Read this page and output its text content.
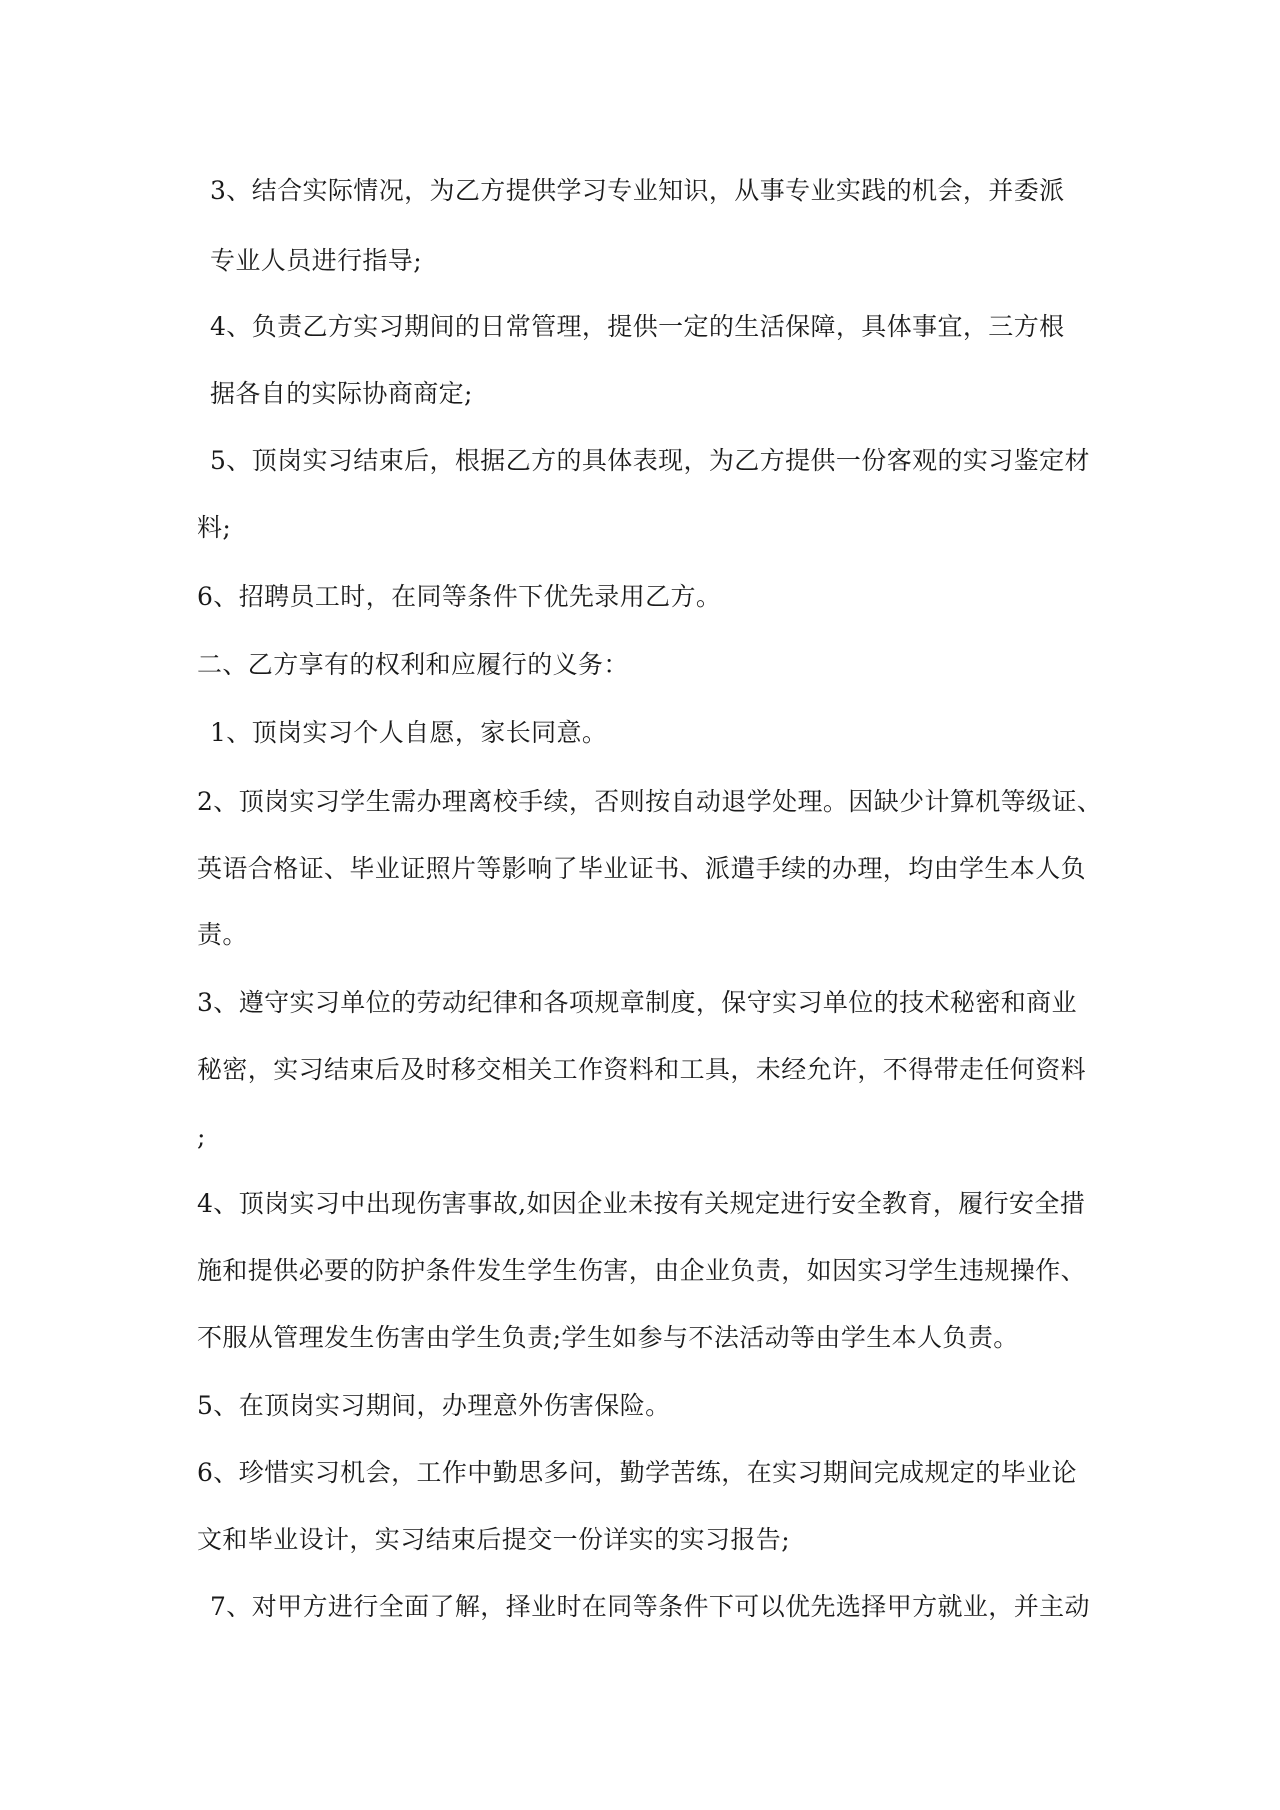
3、结合实际情况，为乙方提供学习专业知识，从事专业实践的机会，并委派

专业人员进行指导;

4、负责乙方实习期间的日常管理，提供一定的生活保障，具体事宜，三方根

据各自的实际协商商定;

5、顶岗实习结束后，根据乙方的具体表现，为乙方提供一份客观的实习鉴定材

料;

6、招聘员工时，在同等条件下优先录用乙方。

二、乙方享有的权利和应履行的义务：

1、顶岗实习个人自愿，家长同意。

2、顶岗实习学生需办理离校手续，否则按自动退学处理。因缺少计算机等级证、

英语合格证、毕业证照片等影响了毕业证书、派遣手续的办理，均由学生本人负

责。

3、遵守实习单位的劳动纪律和各项规章制度，保守实习单位的技术秘密和商业

秘密，实习结束后及时移交相关工作资料和工具，未经允许，不得带走任何资料

;

4、顶岗实习中出现伤害事故,如因企业未按有关规定进行安全教育，履行安全措

施和提供必要的防护条件发生学生伤害，由企业负责，如因实习学生违规操作、

不服从管理发生伤害由学生负责;学生如参与不法活动等由学生本人负责。

5、在顶岗实习期间，办理意外伤害保险。

6、珍惜实习机会，工作中勤思多问，勤学苦练，在实习期间完成规定的毕业论

文和毕业设计，实习结束后提交一份详实的实习报告;

7、对甲方进行全面了解，择业时在同等条件下可以优先选择甲方就业，并主动
